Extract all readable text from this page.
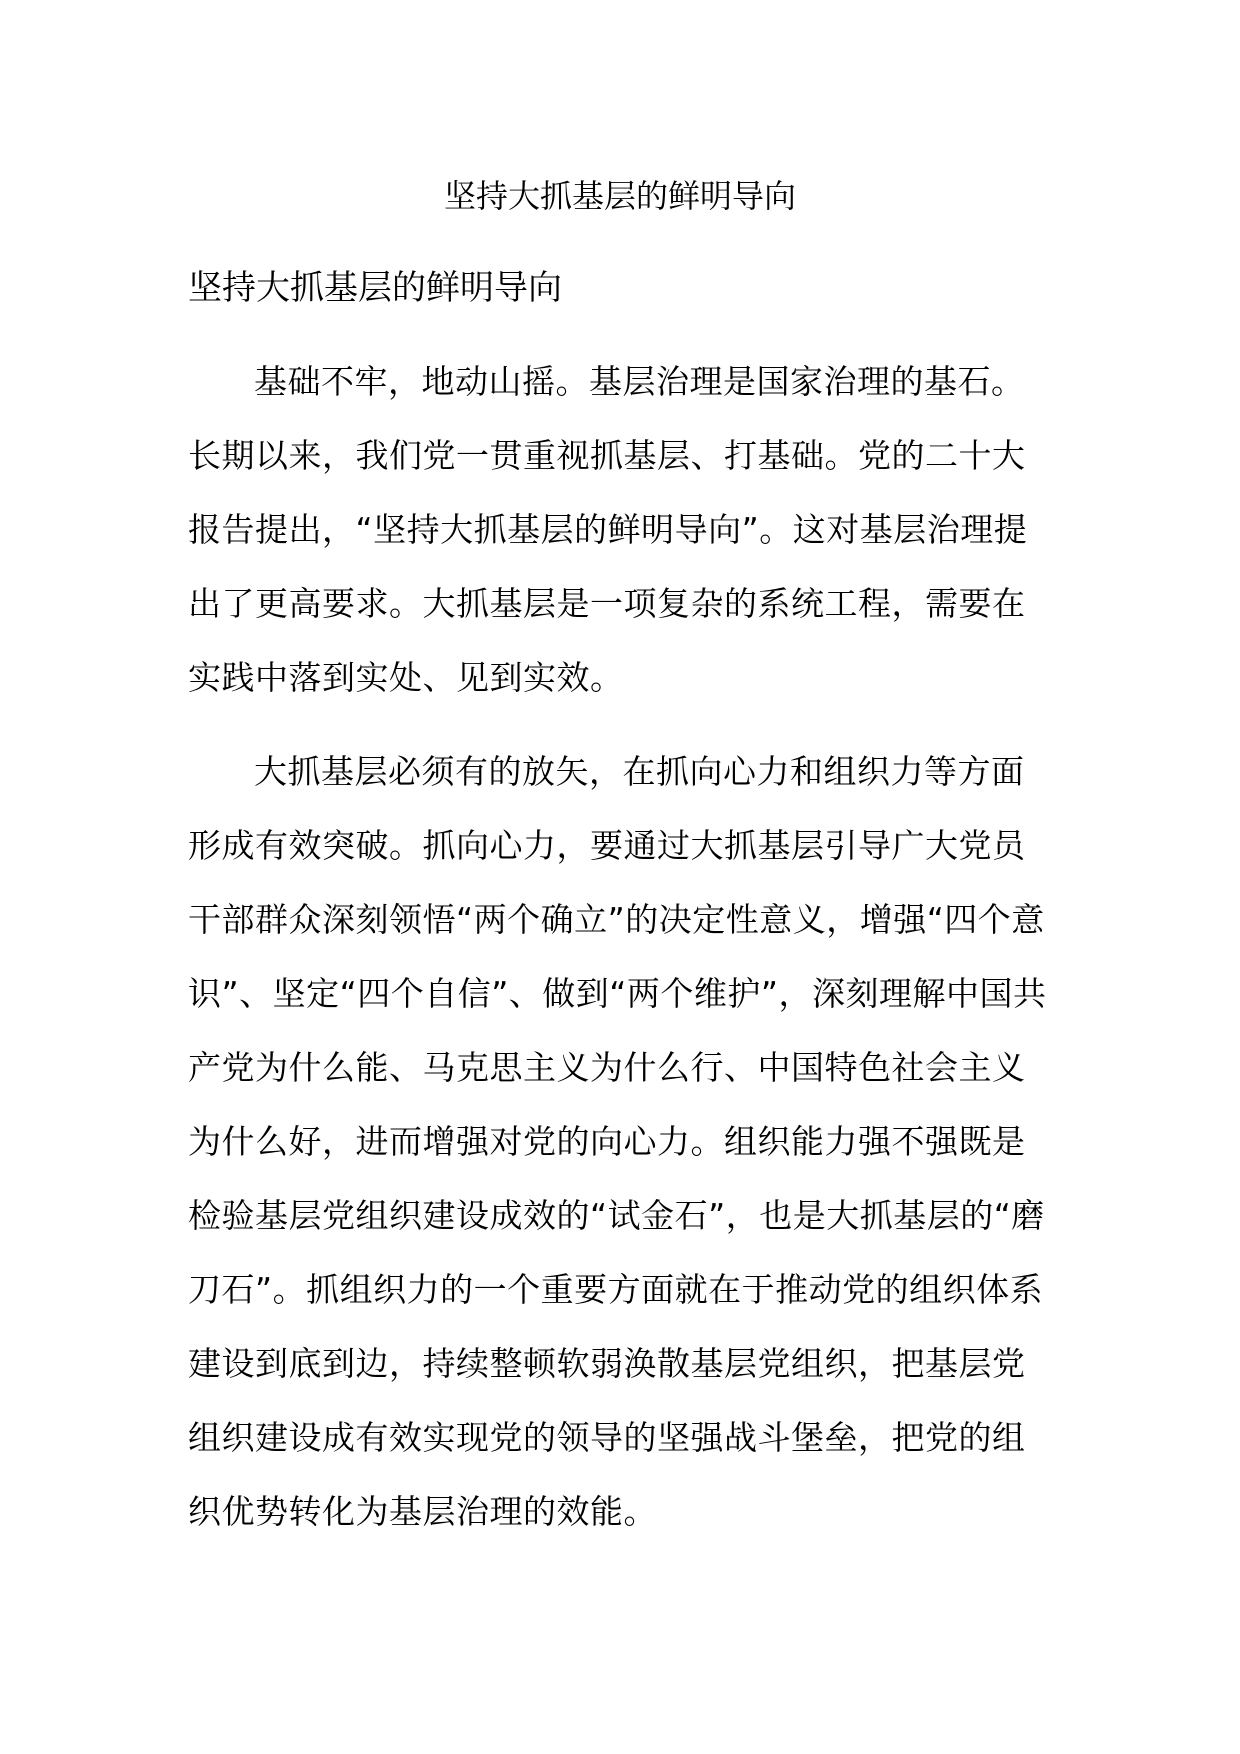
坚持大抓基层的鲜明导向

坚持大抓基层的鲜明导向

基础不牢，地动山摇。基层治理是国家治理的基石。长期以来，我们党一贯重视抓基层、打基础。党的二十大报告提出，“坚持大抓基层的鲜明导向”。这对基层治理提出了更高要求。大抓基层是一项复杂的系统工程，需要在实践中落到实处、见到实效。

大抓基层必须有的放矢，在抓向心力和组织力等方面形成有效突破。抓向心力，要通过大抓基层引导广大党员干部群众深刻领悟“两个确立”的决定性意义，增强“四个意识”、坚定“四个自信”、做到“两个维护”，深刻理解中国共产党为什么能、马克思主义为什么行、中国特色社会主义为什么好，进而增强对党的向心力。组织能力强不强既是检验基层党组织建设成效的“试金石”，也是大抓基层的“磨刀石”。抓组织力的一个重要方面就在于推动党的组织体系建设到底到边，持续整顿软弱涣散基层党组织，把基层党组织建设成有效实现党的领导的坚强战斗堡垒，把党的组织优势转化为基层治理的效能。
